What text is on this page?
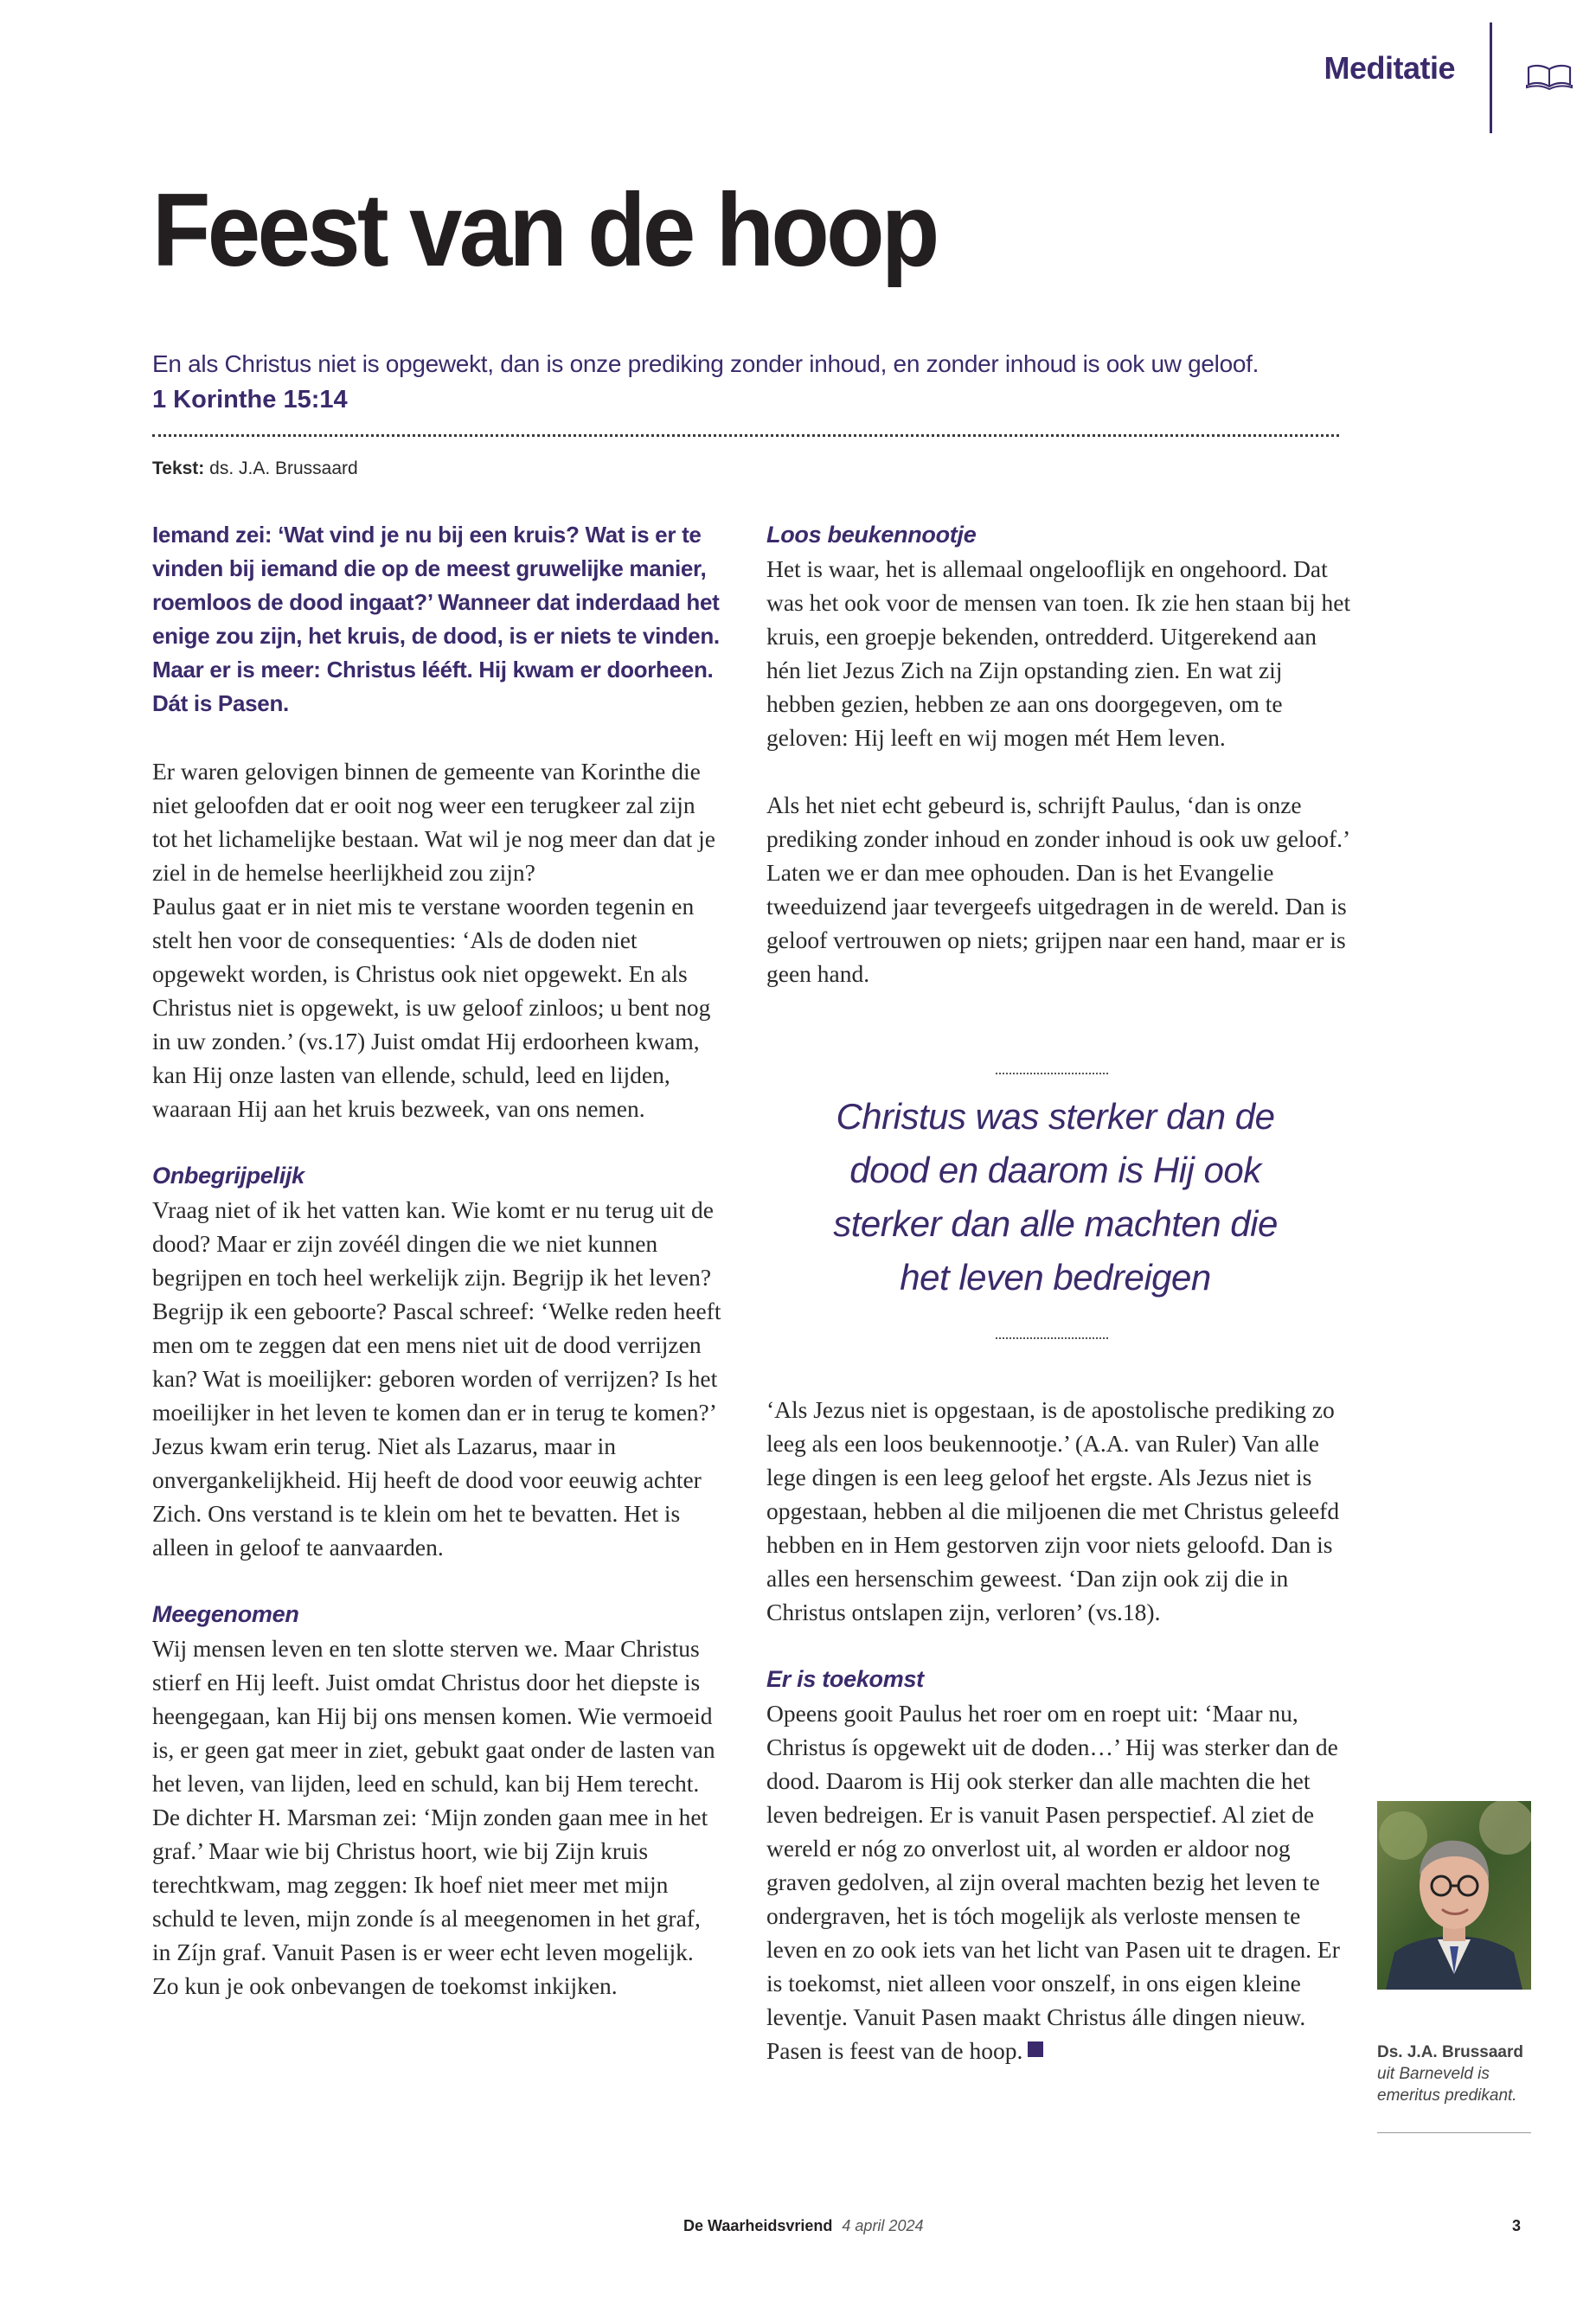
Meditatie
Feest van de hoop
En als Christus niet is opgewekt, dan is onze prediking zonder inhoud, en zonder inhoud is ook uw geloof.
1 Korinthe 15:14
Tekst: ds. J.A. Brussaard
Iemand zei: ‘Wat vind je nu bij een kruis? Wat is er te vinden bij iemand die op de meest gruwelijke manier, roemloos de dood ingaat?’ Wanneer dat inderdaad het enige zou zijn, het kruis, de dood, is er niets te vinden. Maar er is meer: Christus lééft. Hij kwam er doorheen. Dát is Pasen.

Er waren gelovigen binnen de gemeente van Korinthe die niet geloofden dat er ooit nog weer een terugkeer zal zijn tot het lichamelijke bestaan. Wat wil je nog meer dan dat je ziel in de hemelse heerlijkheid zou zijn?

Paulus gaat er in niet mis te verstane woorden tegenin en stelt hen voor de consequenties: ‘Als de doden niet opgewekt worden, is Christus ook niet opgewekt. En als Christus niet is opgewekt, is uw geloof zinloos; u bent nog in uw zonden.’ (vs.17) Juist omdat Hij erdoorheen kwam, kan Hij onze lasten van ellende, schuld, leed en lijden, waaraan Hij aan het kruis bezweek, van ons nemen.

Onbegrijpelijk

Vraag niet of ik het vatten kan. Wie komt er nu terug uit de dood? Maar er zijn zovéél dingen die we niet kunnen begrijpen en toch heel werkelijk zijn. Begrijp ik het leven? Begrijp ik een geboorte? Pascal schreef: ‘Welke reden heeft men om te zeggen dat een mens niet uit de dood verrijzen kan? Wat is moeilijker: geboren worden of verrijzen? Is het moeilijker in het leven te komen dan er in terug te komen?’

Jezus kwam erin terug. Niet als Lazarus, maar in onvergankelijkheid. Hij heeft de dood voor eeuwig achter Zich. Ons verstand is te klein om het te bevatten. Het is alleen in geloof te aanvaarden.

Meegenomen

Wij mensen leven en ten slotte sterven we. Maar Christus stierf en Hij leeft. Juist omdat Christus door het diepste is heengegaan, kan Hij bij ons mensen komen. Wie vermoeid is, er geen gat meer in ziet, gebukt gaat onder de lasten van het leven, van lijden, leed en schuld, kan bij Hem terecht. De dichter H. Marsman zei: ‘Mijn zonden gaan mee in het graf.’ Maar wie bij Christus hoort, wie bij Zijn kruis terechtkwam, mag zeggen: Ik hoef niet meer met mijn schuld te leven, mijn zonde ís al meegenomen in het graf, in Zíjn graf. Vanuit Pasen is er weer echt leven mogelijk. Zo kun je ook onbevangen de toekomst inkijken.

Loos beukennootje

Het is waar, het is allemaal ongelooflijk en ongehoord. Dat was het ook voor de mensen van toen. Ik zie hen staan bij het kruis, een groepje bekenden, ontredderd. Uitgerekend aan hén liet Jezus Zich na Zijn opstanding zien. En wat zij hebben gezien, hebben ze aan ons doorgegeven, om te geloven: Hij leeft en wij mogen mét Hem leven.

Als het niet echt gebeurd is, schrijft Paulus, ‘dan is onze prediking zonder inhoud en zonder inhoud is ook uw geloof.’ Laten we er dan mee ophouden. Dan is het Evangelie tweeduizend jaar tevergeefs uitgedragen in de wereld. Dan is geloof vertrouwen op niets; grijpen naar een hand, maar er is geen hand.

Christus was sterker dan de dood en daarom is Hij ook sterker dan alle machten die het leven bedreigen

‘Als Jezus niet is opgestaan, is de apostolische prediking zo leeg als een loos beukennootje.’ (A.A. van Ruler) Van alle lege dingen is een leeg geloof het ergste. Als Jezus niet is opgestaan, hebben al die miljoenen die met Christus geleefd hebben en in Hem gestorven zijn voor niets geloofd. Dan is alles een hersenschim geweest. ‘Dan zijn ook zij die in Christus ontslapen zijn, verloren’ (vs.18).

Er is toekomst

Opeens gooit Paulus het roer om en roept uit: ‘Maar nu, Christus ís opgewekt uit de doden…’ Hij was sterker dan de dood. Daarom is Hij ook sterker dan alle machten die het leven bedreigen. Er is vanuit Pasen perspectief. Al ziet de wereld er nóg zo onverlost uit, al worden er aldoor nog graven gedolven, al zijn overal machten bezig het leven te ondergraven, het is tóch mogelijk als verloste mensen te leven en zo ook iets van het licht van Pasen uit te dragen. Er is toekomst, niet alleen voor onszelf, in ons eigen kleine leventje. Vanuit Pasen maakt Christus álle dingen nieuw. Pasen is feest van de hoop.	Ds. J.A. Brussaard
uit Barneveld is
emeritus predikant.
De Waarheidsvriend 4 april 2024	3
